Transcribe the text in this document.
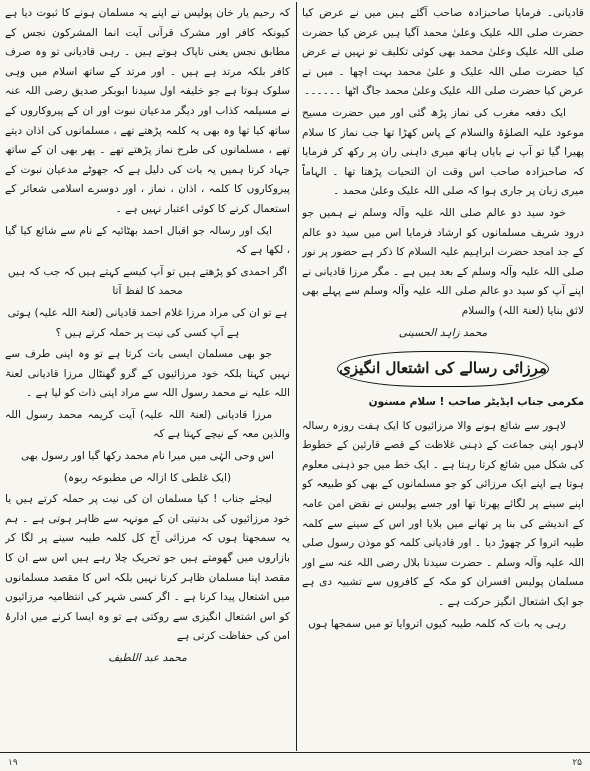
قادیانی۔ فرمایا صاحبزادہ صاحب آگئے ہیں میں نے عرض کیا حضرت صلی اللہ علیک وعلیٰ محمد آگیا ہیں عرض کیا حضرت صلی اللہ علیک وعلیٰ محمد بھی کوئی تکلیف تو نہیں نے عرض کیا حضرت صلی اللہ علیک و علیٰ محمد بہت اچھا ۔ میں نے عرض کیا حضرت صلی اللہ علیک وعلیٰ محمد جاگ اٹھا ۔۔۔۔۔۔

ایک دفعہ مغرب کی نماز پڑھ گئی اور میں حضرت مسیح موعود علیہ الصلوٰۃ والسلام کے پاس کھڑا تھا جب نماز کا سلام پھیرا گیا تو آپ نے بایاں ہاتھ میری داہنی ران پر رکھ کر فرمایا کہ صاحبزادہ صاحب اس وقت ان التحیات پڑھتا تھا ۔ الہاماً میری زبان پر جاری ہوا کہ صلی اللہ علیک وعلیٰ محمد ۔

خود سید دو عالم صلی اللہ علیہ وآلہ وسلم نے ہمیں جو درود شریف مسلمانوں کو ارشاد فرمایا اس میں سید دو عالم کے جد امجد حضرت ابراہیم علیہ السلام کا ذکر ہے حضور پر نور صلی اللہ علیہ وآلہ وسلم کے بعد ہیں ہے ۔ مگر مرزا قادیانی نے اپنے آپ کو سید دو عالم صلی اللہ علیہ وآلہ وسلم سے پہلے بھی لائق بنایا (لعنۃ اللہ) والسلام

محمد زاہد الحسینی
مرزائی رسالے کی اشتعال انگیزی
مکرمی جناب ایڈیٹر صاحب ! سلام مسنون

لاہور سے شائع ہونے والا مرزائیوں کا ایک ہفت روزہ رسالہ لاہور اپنی جماعت کے ذہنی غلاظت کے قصے قارئین کے خطوط کی شکل میں شائع کرتا رہتا ہے ۔ ایک خط میں جو ذہنی معلوم ہوتا ہے اپنے ایک مرزائی کو جو مسلمانوں کے بھی کو طبیعہ کو اپنے سینے پر لگائے پھرتا تھا اور جسے پولیس نے نقض امن عامہ کے اندیشے کی بنا پر تھانے میں بلایا اور اس کے سینے سے کلمہ طیبہ اتروا کر چھوڑ دیا ۔ اور قادیانی کلمہ کو موذن رسول صلی اللہ علیہ وآلہ وسلم ۔ حضرت سیدنا بلال رضی اللہ عنہ سے اور مسلمان پولیس افسران کو مکہ کے کافروں سے تشبیہ دی ہے جو ایک اشتعال انگیز حرکت ہے ۔

رہی یہ بات کہ کلمہ طیبہ کیوں اتروایا تو میں سمجھا ہوں

کہ رحیم یار خان پولیس نے اپنے یہ مسلمان ہونے کا ثبوت دیا ہے کیونکہ کافر اور مشرک قرآنی آیت انما المشرکون نجس کے مطابق نجس یعنی ناپاک ہوتے ہیں ۔ رہی قادیانی تو وہ صرف کافر بلکہ مرتد ہے ہیں ۔ اور مرتد کے ساتھ اسلام میں وہی سلوک ہوتا ہے جو خلیفہ اول سیدنا ابوبکر صدیق رضی اللہ عنہ نے مسیلمہ کذاب اور دیگر مدعیان نبوت اور ان کے پیروکاروں کے ساتھ کیا تھا وہ بھی یہ کلمہ پڑھتے تھے ، مسلمانوں کی اذان دیتے تھے ، مسلمانوں کی طرح نماز پڑھتے تھے ۔ پھر بھی ان کے ساتھ جہاد کرنا ہمیں یہ بات کی دلیل ہے کہ جھوٹے مدعیان نبوت کے پیروکاروں کا کلمہ ، اذان ، نماز ، اور دوسرے اسلامی شعائر کے استعمال کرنے کا کوئی اعتبار نہیں ہے ۔

ایک اور رسالہ جو اقبال احمد بھٹائیہ کے نام سے شائع کیا گیا ، لکھا ہے کہ

اگر احمدی کو پڑھتے ہیں تو آپ کیسے کہتے ہیں کہ جب کہ ہیں محمد کا لفظ آتا

ہے تو ان کی مراد مرزا غلام احمد قادیانی (لعنۃ اللہ علیہ) ہوتی ہے آپ کسی کی نیت پر حملہ کرتے ہیں ؟

جو بھی مسلمان ایسی بات کرتا ہے تو وہ اپنی طرف سے نہیں کہتا بلکہ خود مرزائیوں کے گرو گھنٹال مرزا قادیانی لعنۃ اللہ علیہ نے محمد رسول اللہ سے مراد اپنی ذات کو لیا ہے ۔

مرزا قادیانی (لعنۃ اللہ علیہ) آیت کریمہ محمد رسول اللہ والذین معہ کے نیچے کہتا ہے کہ

اس وحی الہٰی میں میرا نام محمد رکھا گیا اور رسول بھی

(ایک غلطی کا ازالہ ص مطبوعہ ربوہ)

لیجئے جناب ! کیا مسلمان ان کی نیت پر حملہ کرتے ہیں یا خود مرزائیوں کی بدنیتی ان کے مونہہ سے ظاہر ہوتی ہے ۔ ہم یہ سمجھتا ہوں کہ مرزائی آج کل کلمہ طیبہ سینے پر لگا کر بازاروں میں گھومتے ہیں جو تحریک چلا رہے ہیں اس سے ان کا مقصد اپنا مسلمان ظاہر کرنا نہیں بلکہ اس کا مقصد مسلمانوں میں اشتعال پیدا کرنا ہے ۔ اگر کسی شہر کی انتظامیہ مرزائیوں کو اس اشتعال انگیزی سے روکتی ہے تو وہ ایسا کرنے میں ادارۂ امن کی حفاظت کرتی ہے

محمد عبد اللطیف

۱۹	۲۵
